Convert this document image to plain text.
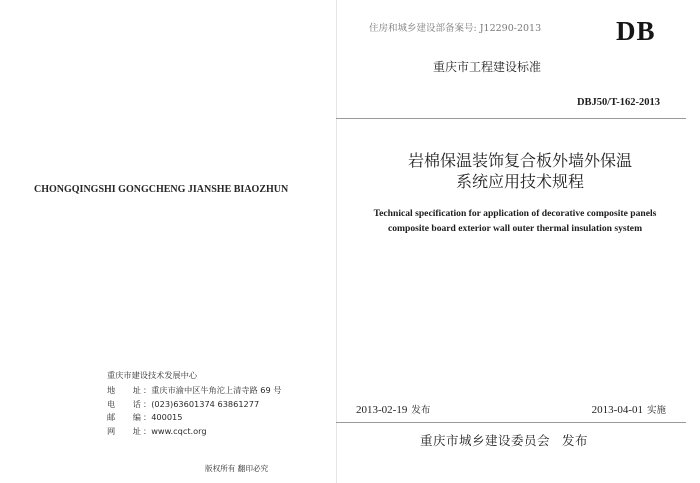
CHONGQINGSHI GONGCHENG JIANSHE BIAOZHUN
重庆市建设技术发展中心
地 址 ：重庆市渝中区牛角沱上清寺路 69 号
电 话 ：(023)63601374 63861277
邮 编 ：400015
网 址 ：www.cqct.org
版权所有 翻印必究
住房和城乡建设部备案号: J12290-2013	DB
重庆市工程建设标准
DBJ50/T-162-2013
岩棉保温装饰复合板外墙外保温
系统应用技术规程
Technical specification for application of decorative composite panels
composite board exterior wall outer thermal insulation system
2013-02-19 发布	2013-04-01 实施
重庆市城乡建设委员会 发布
